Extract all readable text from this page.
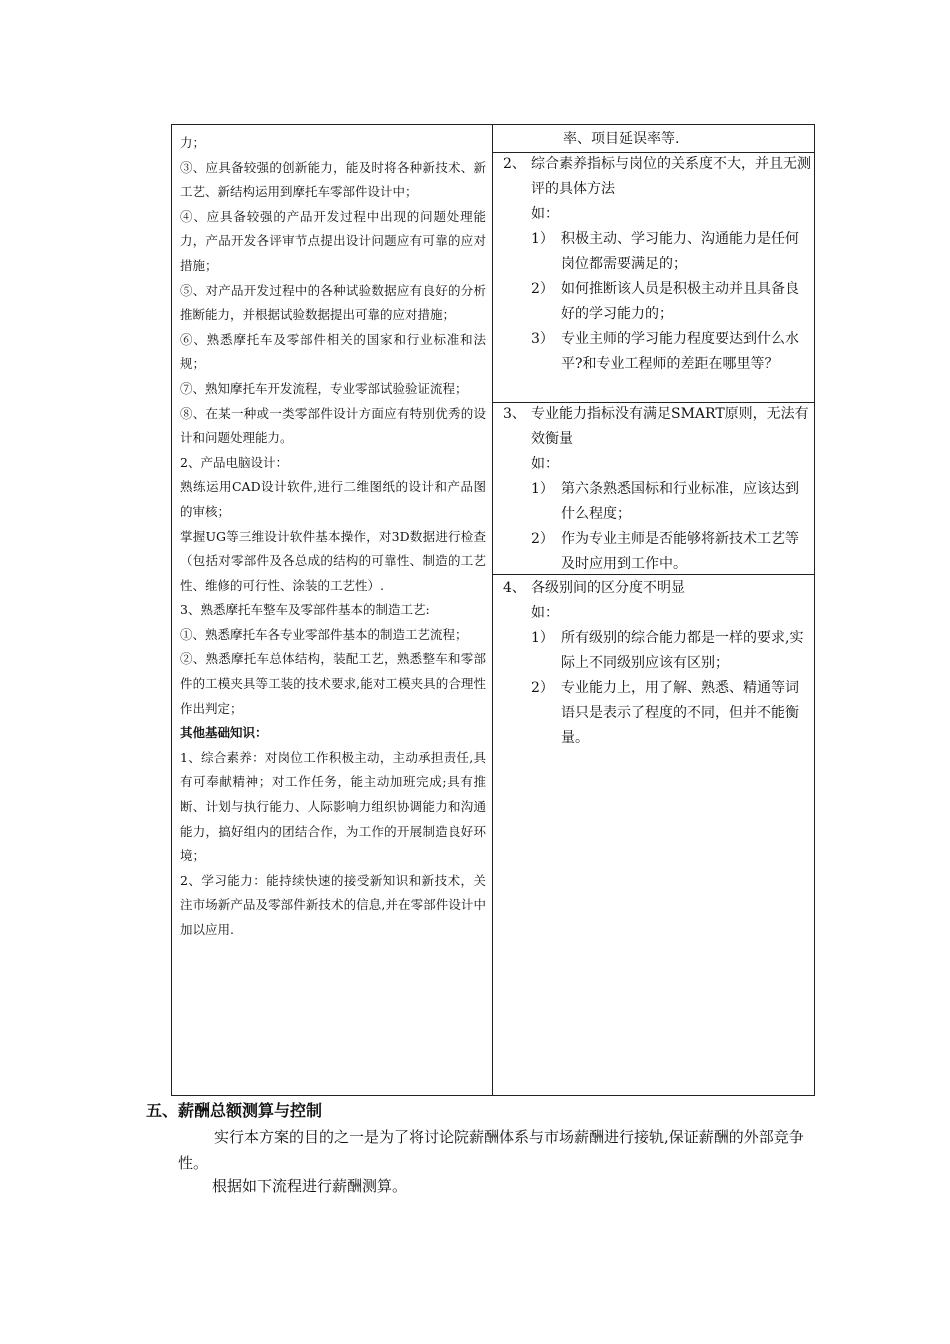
力；

③、应具备较强的创新能力，能及时将各种新技术、新工艺、新结构运用到摩托车零部件设计中；

④、应具备较强的产品开发过程中出现的问题处理能力，产品开发各评审节点提出设计问题应有可靠的应对措施；

⑤、对产品开发过程中的各种试验数据应有良好的分析推断能力，并根据试验数据提出可靠的应对措施；

⑥、熟悉摩托车及零部件相关的国家和行业标准和法规；

⑦、熟知摩托车开发流程，专业零部试验验证流程；

⑧、在某一种或一类零部件设计方面应有特别优秀的设计和问题处理能力。

2、产品电脑设计：

熟练运用CAD设计软件,进行二维图纸的设计和产品图的审核；

掌握UG等三维设计软件基本操作，对3D数据进行检查（包括对零部件及各总成的结构的可靠性、制造的工艺性、维修的可行性、涂装的工艺性）.

3、熟悉摩托车整车及零部件基本的制造工艺:

①、熟悉摩托车各专业零部件基本的制造工艺流程；

②、熟悉摩托车总体结构，装配工艺，熟悉整车和零部件的工模夹具等工装的技术要求,能对工模夹具的合理性作出判定；

其他基础知识：

1、综合素养：对岗位工作积极主动，主动承担责任,具有可奉献精神；对工作任务，能主动加班完成;具有推断、计划与执行能力、人际影响力组织协调能力和沟通能力，搞好组内的团结合作，为工作的开展制造良好环境；

2、学习能力：能持续快速的接受新知识和新技术，关注市场新产品及零部件新技术的信息,并在零部件设计中加以应用.

率、项目延误率等.
2、 综合素养指标与岗位的关系度不大，并且无测评的具体方法
如：
1） 积极主动、学习能力、沟通能力是任何岗位都需要满足的；
2） 如何推断该人员是积极主动并且具备良好的学习能力的；
3） 专业主师的学习能力程度要达到什么水平?和专业工程师的差距在哪里等？
3、 专业能力指标没有满足SMART原则，无法有效衡量
如：
1） 第六条熟悉国标和行业标准，应该达到什么程度；
2） 作为专业主师是否能够将新技术工艺等及时应用到工作中。
4、 各级别间的区分度不明显
如：
1） 所有级别的综合能力都是一样的要求,实际上不同级别应该有区别；
2） 专业能力上，用了解、熟悉、精通等词语只是表示了程度的不同，但并不能衡量。
五、薪酬总额测算与控制
实行本方案的目的之一是为了将讨论院薪酬体系与市场薪酬进行接轨,保证薪酬的外部竞争性。
根据如下流程进行薪酬测算。
